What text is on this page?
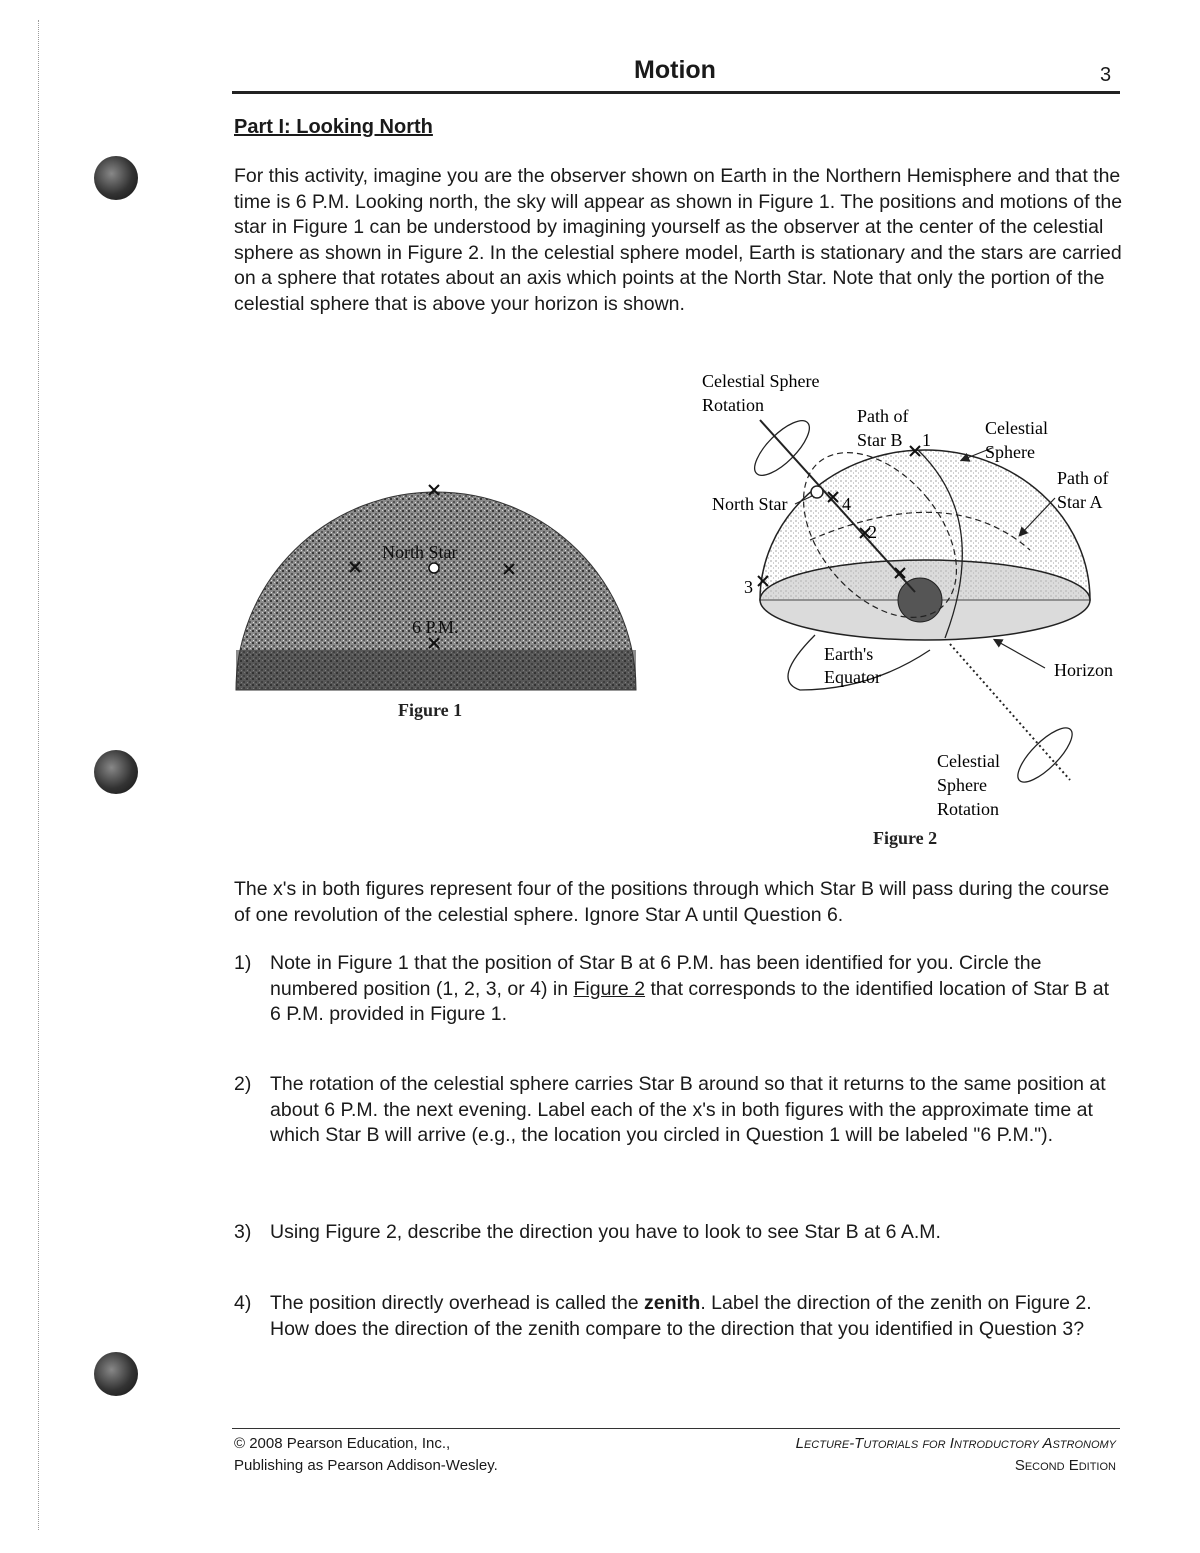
Motion	3
Part I: Looking North
For this activity, imagine you are the observer shown on Earth in the Northern Hemisphere and that the time is 6 P.M. Looking north, the sky will appear as shown in Figure 1. The positions and motions of the star in Figure 1 can be understood by imagining yourself as the observer at the center of the celestial sphere as shown in Figure 2. In the celestial sphere model, Earth is stationary and the stars are carried on a sphere that rotates about an axis which points at the North Star. Note that only the portion of the celestial sphere that is above your horizon is shown.
North Star
6 P.M.
Figure 1
Celestial Sphere
Rotation
Path of
Star B 1
Celestial
Sphere
Path of
Star A
North Star	4
2
3
Earth's
Equator	Horizon
Celestial
Sphere
Rotation
Figure 2
The x's in both figures represent four of the positions through which Star B will pass during the course of one revolution of the celestial sphere. Ignore Star A until Question 6.
1) Note in Figure 1 that the position of Star B at 6 P.M. has been identified for you. Circle the numbered position (1, 2, 3, or 4) in Figure 2 that corresponds to the identified location of Star B at 6 P.M. provided in Figure 1.
2) The rotation of the celestial sphere carries Star B around so that it returns to the same position at about 6 P.M. the next evening. Label each of the x's in both figures with the approximate time at which Star B will arrive (e.g., the location you circled in Question 1 will be labeled "6 P.M.").
3) Using Figure 2, describe the direction you have to look to see Star B at 6 A.M.
4) The position directly overhead is called the zenith. Label the direction of the zenith on Figure 2. How does the direction of the zenith compare to the direction that you identified in Question 3?
© 2008 Pearson Education, Inc.,
Publishing as Pearson Addison-Wesley.
Lecture-Tutorials for Introductory Astronomy
Second Edition
